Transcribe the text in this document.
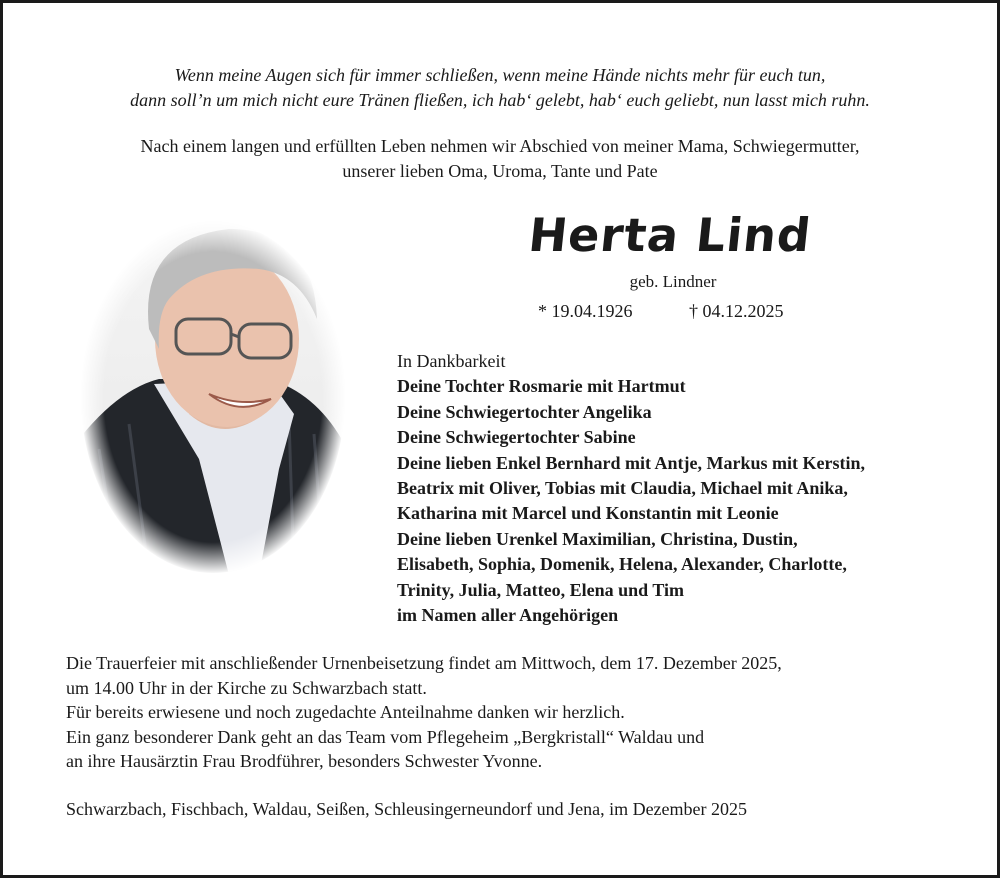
Wenn meine Augen sich für immer schließen, wenn meine Hände nichts mehr für euch tun,
dann soll’n um mich nicht eure Tränen fließen, ich hab‘ gelebt, hab‘ euch geliebt, nun lasst mich ruhn.
Nach einem langen und erfüllten Leben nehmen wir Abschied von meiner Mama, Schwiegermutter,
unserer lieben Oma, Uroma, Tante und Pate
Herta Lind
geb. Lindner
* 19.04.1926	† 04.12.2025
In Dankbarkeit
Deine Tochter Rosmarie mit Hartmut
Deine Schwiegertochter Angelika
Deine Schwiegertochter Sabine
Deine lieben Enkel Bernhard mit Antje, Markus mit Kerstin,
Beatrix mit Oliver, Tobias mit Claudia, Michael mit Anika,
Katharina mit Marcel und Konstantin mit Leonie
Deine lieben Urenkel Maximilian, Christina, Dustin,
Elisabeth, Sophia, Domenik, Helena, Alexander, Charlotte,
Trinity, Julia, Matteo, Elena und Tim
im Namen aller Angehörigen
Die Trauerfeier mit anschließender Urnenbeisetzung findet am Mittwoch, dem 17. Dezember 2025,
um 14.00 Uhr in der Kirche zu Schwarzbach statt.
Für bereits erwiesene und noch zugedachte Anteilnahme danken wir herzlich.
Ein ganz besonderer Dank geht an das Team vom Pflegeheim „Bergkristall“ Waldau und
an ihre Hausärztin Frau Brodführer, besonders Schwester Yvonne.
Schwarzbach, Fischbach, Waldau, Seißen, Schleusingerneundorf und Jena, im Dezember 2025
